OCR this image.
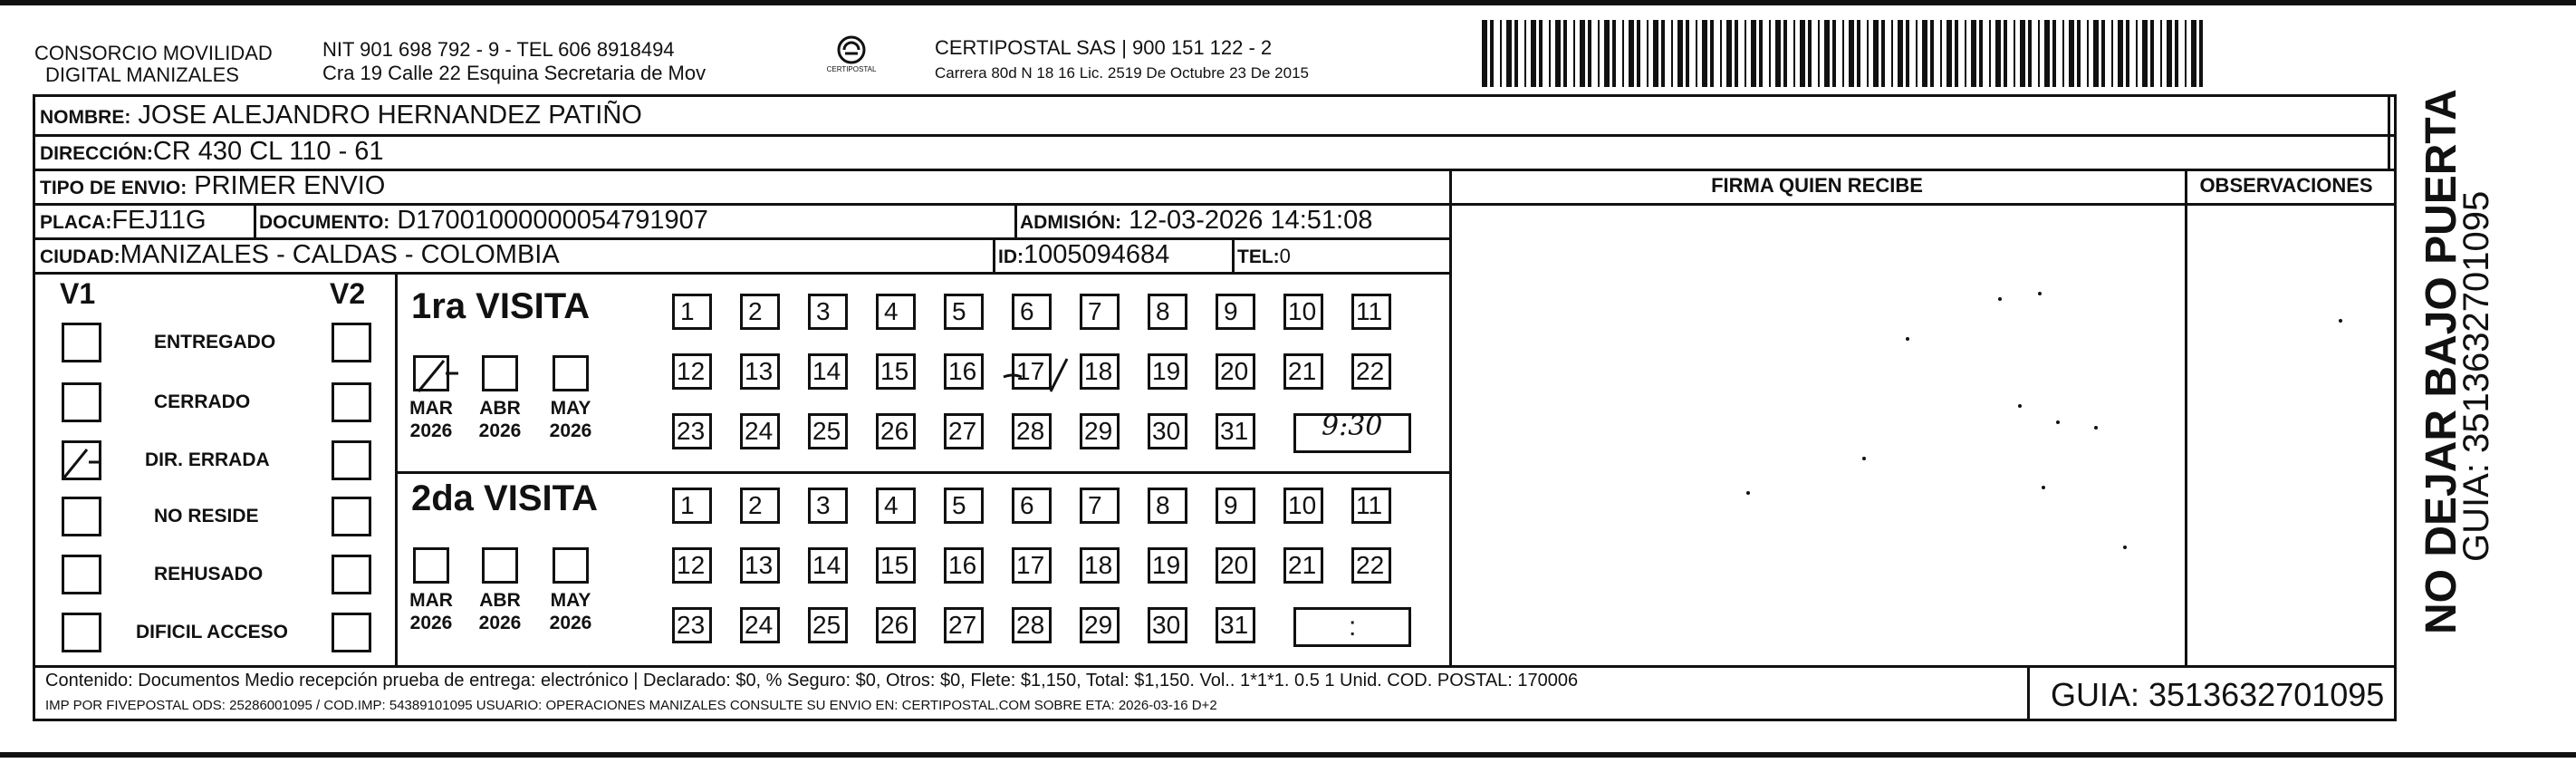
CONSORCIO MOVILIDAD
DIGITAL MANIZALES
NIT 901 698 792 - 9 - TEL 606 8918494
Cra 19 Calle 22 Esquina Secretaria de Mov	CERTIPOSTAL
CERTIPOSTAL SAS | 900 151 122 - 2
Carrera 80d N 18 16 Lic. 2519 De Octubre 23 De 2015
NOMBRE: JOSE ALEJANDRO HERNANDEZ PATIÑO
DIRECCIÓN:CR 430 CL 110 - 61
TIPO DE ENVIO: PRIMER ENVIO
PLACA:FEJ11G	DOCUMENTO: D17001000000054791907	ADMISIÓN: 12-03-2026 14:51:08
CIUDAD:MANIZALES - CALDAS - COLOMBIA	ID:1005094684	TEL:0
FIRMA QUIEN RECIBE	OBSERVACIONES
V1	V2
ENTREGADO
CERRADO
DIR. ERRADA
NO RESIDE
REHUSADO
DIFICIL ACCESO
1ra VISITA
2da VISITA
MAR
2026
ABR
2026
MAY
2026
MAR
2026
ABR
2026
MAY
2026
1	2	3	4	5	6	7	8	9	10 11
12 13 14 15 16 17 18 19 20 21 22
23 24 25 26 27 28 29 30 31
1	2	3	4	5	6	7	8	9	10 11
12 13 14 15 16 17 18 19 20 21 22
23 24 25 26 27 28 29 30 31
9:30
:	NO DEJAR BAJO PUERTA
GUIA: 3513632701095
Contenido: Documentos Medio recepción prueba de entrega: electrónico | Declarado: $0, % Seguro: $0, Otros: $0, Flete: $1,150, Total: $1,150. Vol.. 1*1*1. 0.5 1 Unid. COD. POSTAL: 170006
IMP POR FIVEPOSTAL ODS: 25286001095 / COD.IMP: 54389101095 USUARIO: OPERACIONES MANIZALES CONSULTE SU ENVIO EN: CERTIPOSTAL.COM SOBRE ETA: 2026-03-16 D+2	GUIA: 3513632701095
